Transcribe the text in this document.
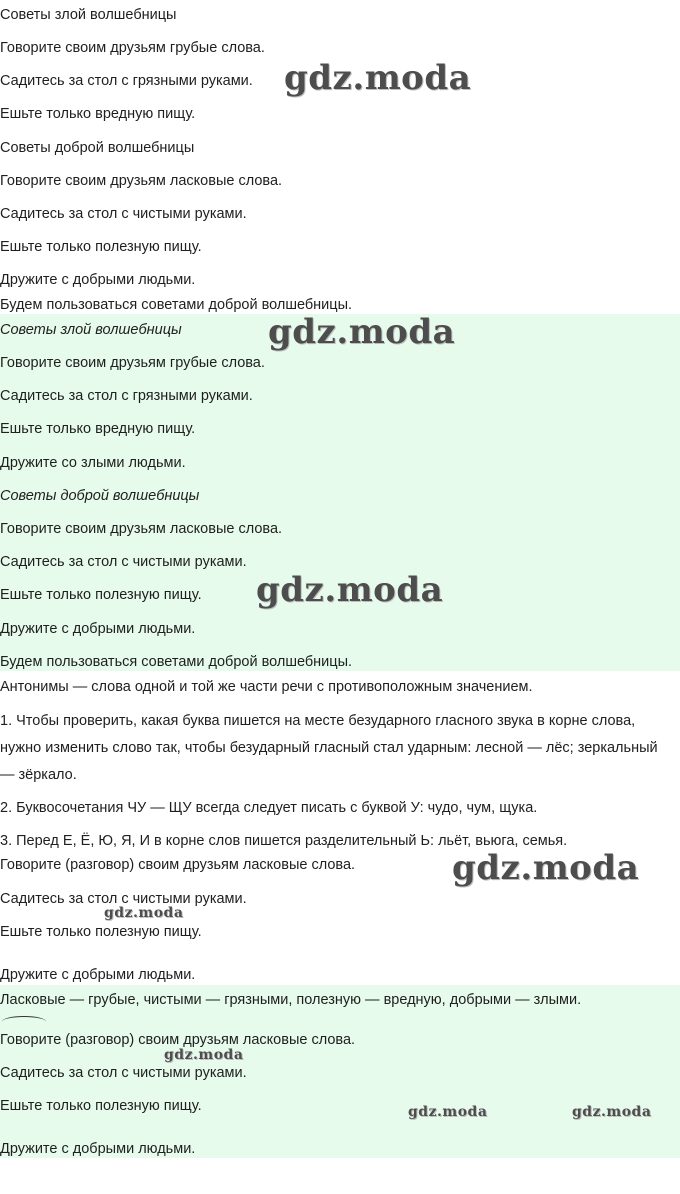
Советы злой волшебницы
Говорите своим друзьям грубые слова.
Садитесь за стол с грязными руками.
Ешьте только вредную пищу.
Советы доброй волшебницы
Говорите своим друзьям ласковые слова.
Садитесь за стол с чистыми руками.
Ешьте только полезную пищу.
Дружите с добрыми людьми.
Будем пользоваться советами доброй волшебницы.
Советы злой волшебницы
Говорите своим друзьям грубые слова.
Садитесь за стол с грязными руками.
Ешьте только вредную пищу.
Дружите со злыми людьми.
Советы доброй волшебницы
Говорите своим друзьям ласковые слова.
Садитесь за стол с чистыми руками.
Ешьте только полезную пищу.
Дружите с добрыми людьми.
Будем пользоваться советами доброй волшебницы.
Антонимы — слова одной и той же части речи с противоположным значением.
1. Чтобы проверить, какая буква пишется на месте безударного гласного звука в корне слова, нужно изменить слово так, чтобы безударный гласный стал ударным: лесной — лёс; зеркальный — зёркало.
2. Буквосочетания ЧУ — ЩУ всегда следует писать с буквой У: чудо, чум, щука.
3. Перед Е, Ё, Ю, Я, И в корне слов пишется разделительный Ь: льёт, вьюга, семья.
Говорите (разговор) своим друзьям ласковые слова.
Садитесь за стол с чистыми руками.
Ешьте только полезную пищу.
Дружите с добрыми людьми.
Ласковые — грубые, чистыми — грязными, полезную — вредную, добрыми — злыми.
Говорите (разговор) своим друзьям ласковые слова.
Садитесь за стол с чистыми руками.
Ешьте только полезную пищу.
Дружите с добрыми людьми.
gdz.moda
gdz.moda
gdz.moda
gdz.moda
gdz.moda
gdz.moda
gdz.moda	gdz.moda
